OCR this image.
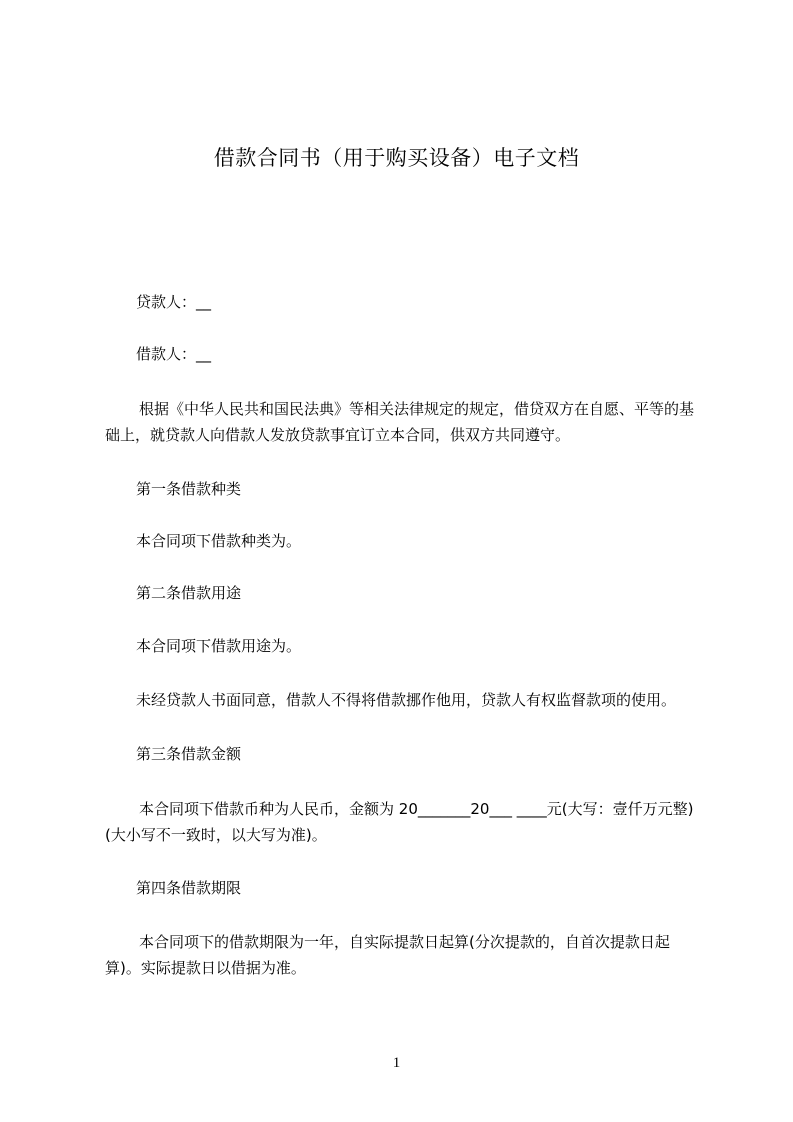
借款合同书（用于购买设备）电子文档

贷款人：__

借款人：__

根据《中华人民共和国民法典》等相关法律规定的规定，借贷双方在自愿、平等的基础上，就贷款人向借款人发放贷款事宜订立本合同，供双方共同遵守。

第一条借款种类

本合同项下借款种类为。

第二条借款用途

本合同项下借款用途为。

未经贷款人书面同意，借款人不得将借款挪作他用，贷款人有权监督款项的使用。

第三条借款金额

本合同项下借款币种为人民币，金额为 20_______20___ ____元(大写：壹仟万元整)(大小写不一致时，以大写为准)。

第四条借款期限

本合同项下的借款期限为一年，自实际提款日起算(分次提款的，自首次提款日起算)。实际提款日以借据为准。

1
